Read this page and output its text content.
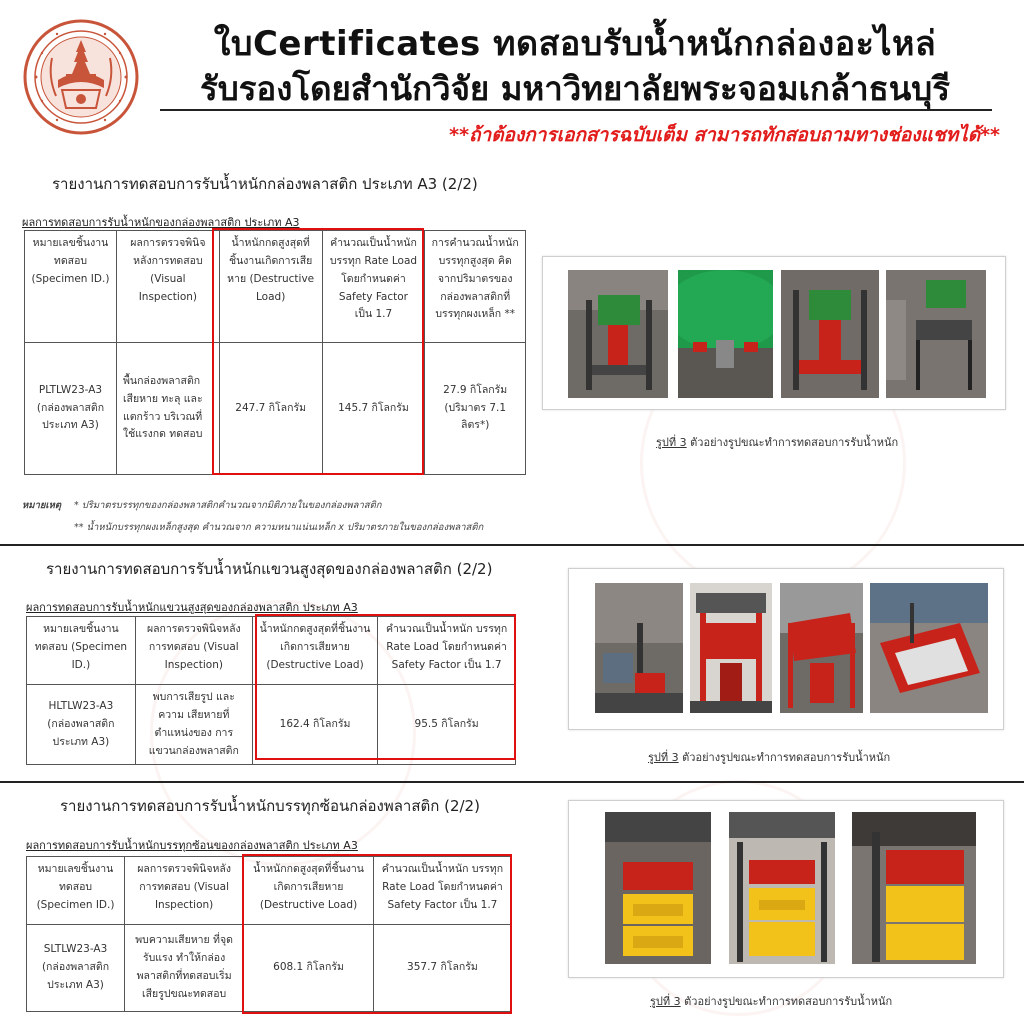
ใบCertificates ทดสอบรับน้ำหนักกล่องอะไหล่
รับรองโดยสำนักวิจัย มหาวิทยาลัยพระจอมเกล้าธนบุรี
**ถ้าต้องการเอกสารฉบับเต็ม สามารถทักสอบถามทางช่องแชทได้**
รายงานการทดสอบการรับน้ำหนักกล่องพลาสติก ประเภท A3 (2/2)
ผลการทดสอบการรับน้ำหนักของกล่องพลาสติก ประเภท A3
หมายเลขชิ้นงาน ทดสอบ (Specimen ID.)	ผลการตรวจพินิจ หลังการทดสอบ (Visual Inspection)	น้ำหนักกดสูงสุดที่ชิ้นงานเกิดการเสียหาย (Destructive Load)	คำนวณเป็นน้ำหนักบรรทุก Rate Load โดยกำหนดค่า Safety Factor เป็น 1.7	การคำนวณน้ำหนักบรรทุกสูงสุด คิดจากปริมาตรของกล่องพลาสติกที่บรรทุกผงเหล็ก **
PLTLW23-A3 (กล่องพลาสติก ประเภท A3)	พื้นกล่องพลาสติก เสียหาย ทะลุ และ แตกร้าว บริเวณที่ใช้แรงกด ทดสอบ	247.7 กิโลกรัม	145.7 กิโลกรัม	27.9 กิโลกรัม (ปริมาตร 7.1 ลิตร*)
หมายเหตุ * ปริมาตรบรรทุกของกล่องพลาสติกคำนวณจากมิติภายในของกล่องพลาสติก
** น้ำหนักบรรทุกผงเหล็กสูงสุด คำนวณจาก ความหนาแน่นเหล็ก x ปริมาตรภายในของกล่องพลาสติก
รูปที่ 3 ตัวอย่างรูปขณะทำการทดสอบการรับน้ำหนัก
รายงานการทดสอบการรับน้ำหนักแขวนสูงสุดของกล่องพลาสติก (2/2)
ผลการทดสอบการรับน้ำหนักแขวนสูงสุดของกล่องพลาสติก ประเภท A3
หมายเลขชิ้นงาน ทดสอบ (Specimen ID.)	ผลการตรวจพินิจหลัง การทดสอบ (Visual Inspection)	น้ำหนักกดสูงสุดที่ชิ้นงาน เกิดการเสียหาย (Destructive Load)	คำนวณเป็นน้ำหนัก บรรทุก Rate Load โดยกำหนดค่า Safety Factor เป็น 1.7
HLTLW23-A3 (กล่องพลาสติก ประเภท A3)	พบการเสียรูป และความ เสียหายที่ตำแหน่งของ การแขวนกล่องพลาสติก	162.4 กิโลกรัม	95.5 กิโลกรัม
รูปที่ 3 ตัวอย่างรูปขณะทำการทดสอบการรับน้ำหนัก
รายงานการทดสอบการรับน้ำหนักบรรทุกซ้อนกล่องพลาสติก (2/2)
ผลการทดสอบการรับน้ำหนักบรรทุกซ้อนของกล่องพลาสติก ประเภท A3
หมายเลขชิ้นงาน ทดสอบ (Specimen ID.)	ผลการตรวจพินิจหลัง การทดสอบ (Visual Inspection)	น้ำหนักกดสูงสุดที่ชิ้นงาน เกิดการเสียหาย (Destructive Load)	คำนวณเป็นน้ำหนัก บรรทุก Rate Load โดยกำหนดค่า Safety Factor เป็น 1.7
SLTLW23-A3 (กล่องพลาสติก ประเภท A3)	พบความเสียหาย ที่จุดรับแรง ทำให้กล่อง พลาสติกที่ทดสอบเริ่ม เสียรูปขณะทดสอบ	608.1 กิโลกรัม	357.7 กิโลกรัม
รูปที่ 3 ตัวอย่างรูปขณะทำการทดสอบการรับน้ำหนัก
